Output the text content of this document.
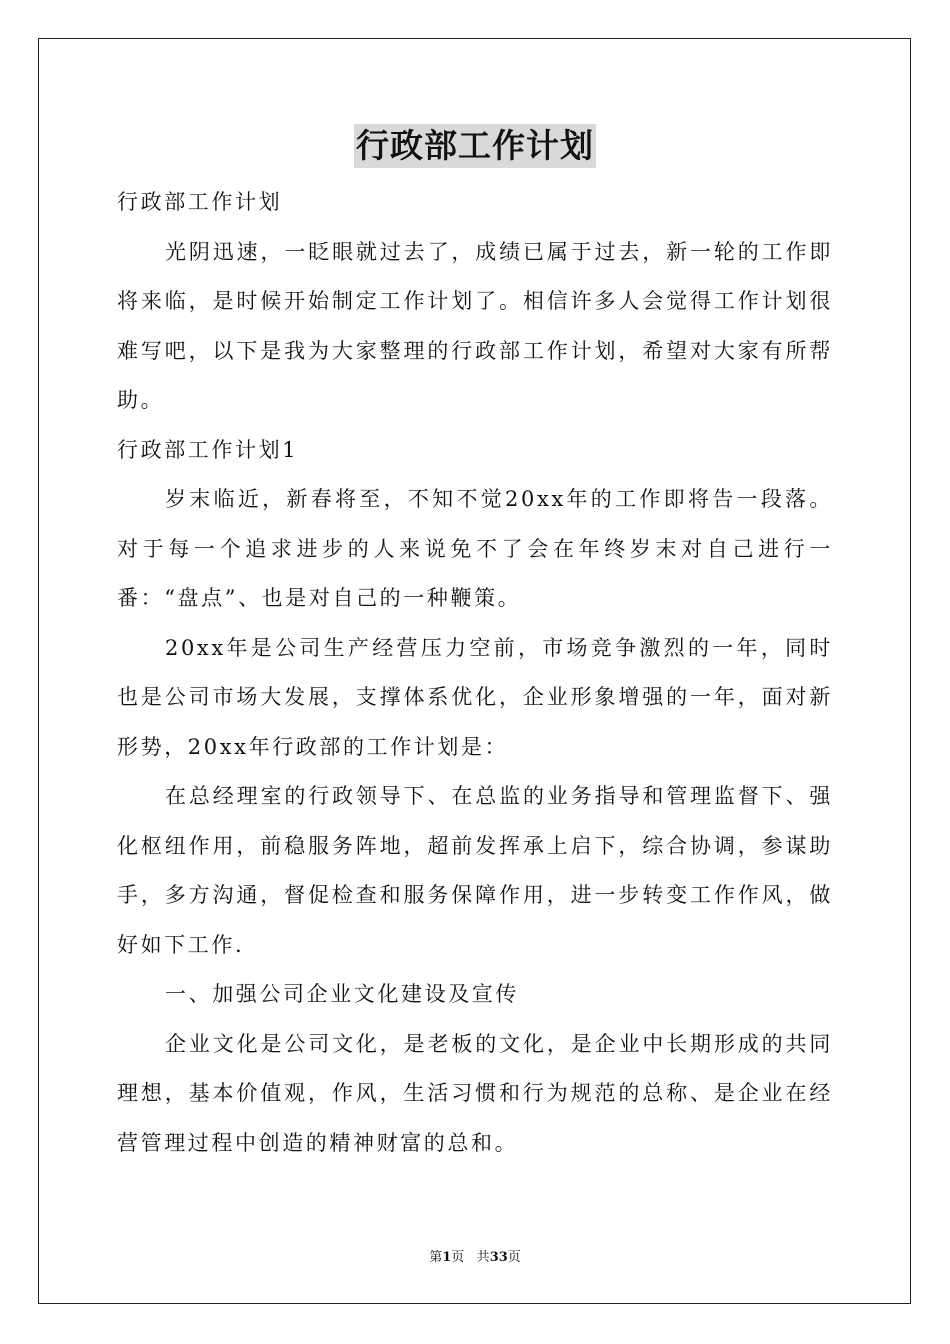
行政部工作计划

行政部工作计划

光阴迅速，一眨眼就过去了，成绩已属于过去，新一轮的工作即将来临，是时候开始制定工作计划了。相信许多人会觉得工作计划很难写吧，以下是我为大家整理的行政部工作计划，希望对大家有所帮助。

行政部工作计划1

岁末临近，新春将至，不知不觉20xx年的工作即将告一段落。对于每一个追求进步的人来说免不了会在年终岁末对自己进行一番：“盘点”、也是对自己的一种鞭策。

20xx年是公司生产经营压力空前，市场竞争激烈的一年，同时也是公司市场大发展，支撑体系优化，企业形象增强的一年，面对新形势，20xx年行政部的工作计划是：

在总经理室的行政领导下、在总监的业务指导和管理监督下、强化枢纽作用，前稳服务阵地，超前发挥承上启下，综合协调，参谋助手，多方沟通，督促检查和服务保障作用，进一步转变工作作风，做好如下工作.

一、加强公司企业文化建设及宣传

企业文化是公司文化，是老板的文化，是企业中长期形成的共同理想，基本价值观，作风，生活习惯和行为规范的总称、是企业在经营管理过程中创造的精神财富的总和。

第1页 共33页
